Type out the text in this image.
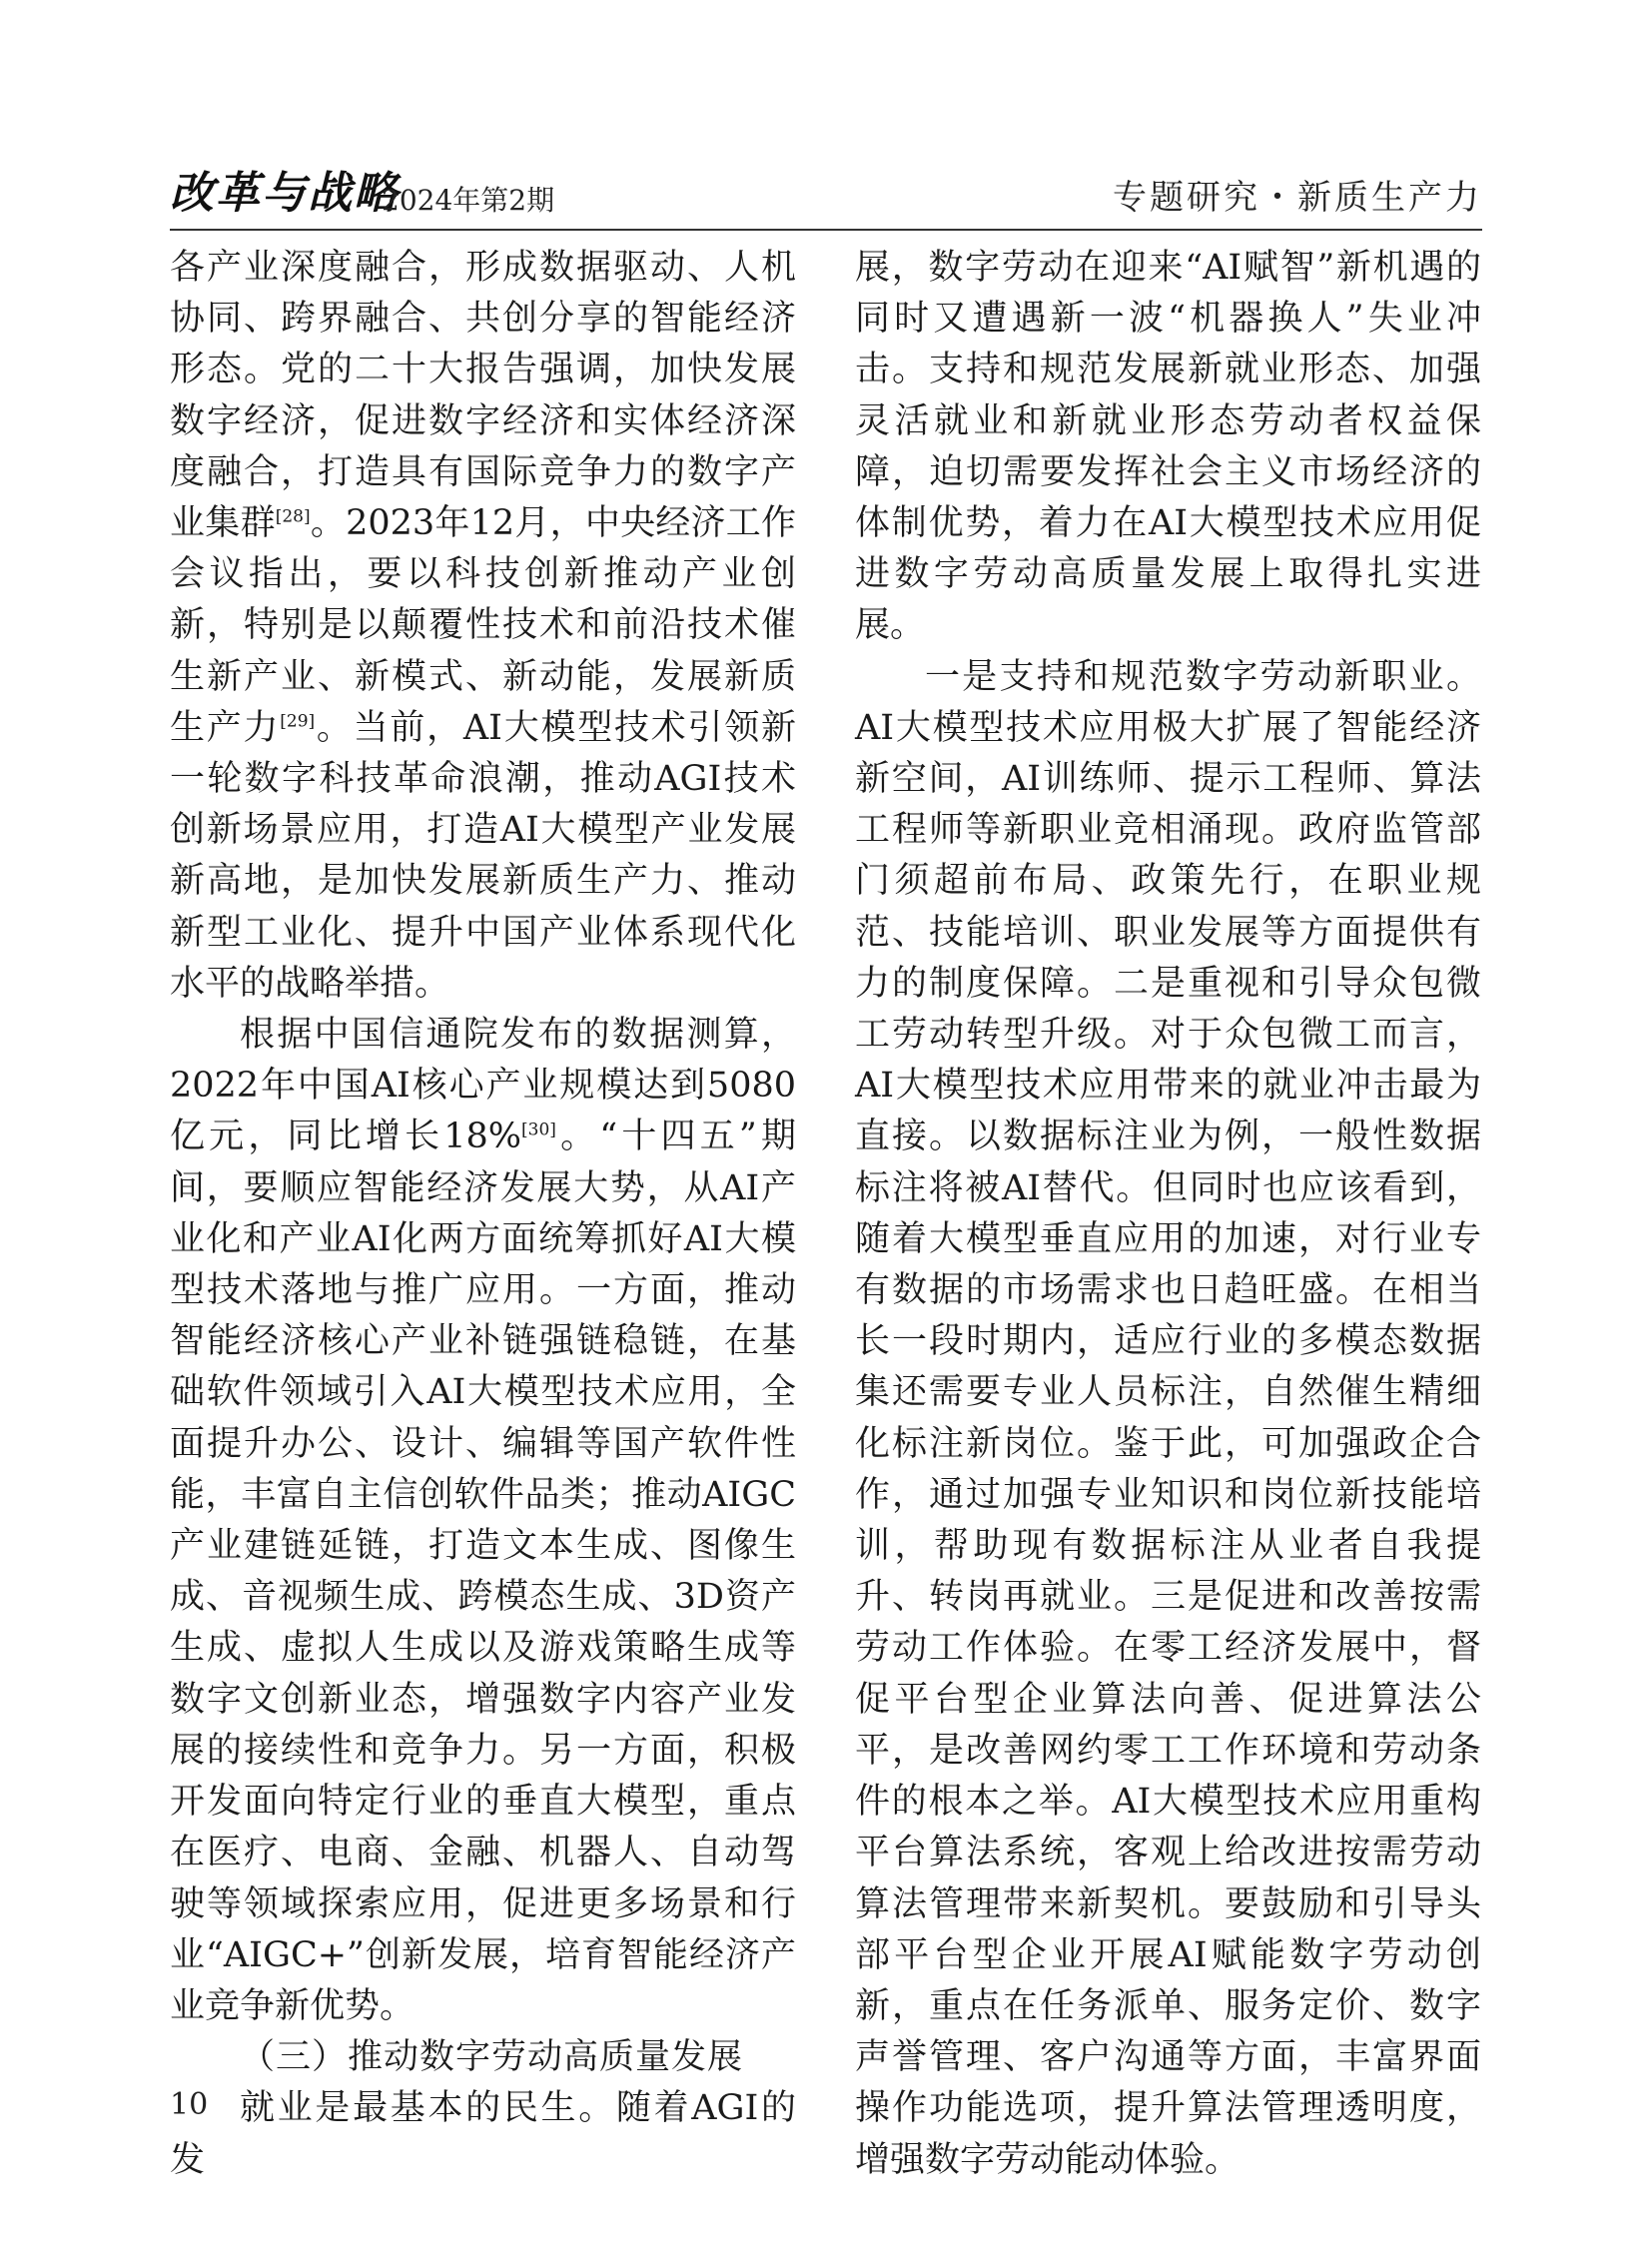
改革与战略
2024年第2期	专题研究・新质生产力

各产业深度融合，形成数据驱动、人机协同、跨界融合、共创分享的智能经济形态。党的二十大报告强调，加快发展数字经济，促进数字经济和实体经济深度融合，打造具有国际竞争力的数字产业集群[28]。2023年12月，中央经济工作会议指出，要以科技创新推动产业创新，特别是以颠覆性技术和前沿技术催生新产业、新模式、新动能，发展新质生产力[29]。当前，AI大模型技术引领新一轮数字科技革命浪潮，推动AGI技术创新场景应用，打造AI大模型产业发展新高地，是加快发展新质生产力、推动新型工业化、提升中国产业体系现代化水平的战略举措。

根据中国信通院发布的数据测算，2022年中国AI核心产业规模达到5080亿元，同比增长18%[30]。“十四五”期间，要顺应智能经济发展大势，从AI产业化和产业AI化两方面统筹抓好AI大模型技术落地与推广应用。一方面，推动智能经济核心产业补链强链稳链，在基础软件领域引入AI大模型技术应用，全面提升办公、设计、编辑等国产软件性能，丰富自主信创软件品类；推动AIGC产业建链延链，打造文本生成、图像生成、音视频生成、跨模态生成、3D资产生成、虚拟人生成以及游戏策略生成等数字文创新业态，增强数字内容产业发展的接续性和竞争力。另一方面，积极开发面向特定行业的垂直大模型，重点在医疗、电商、金融、机器人、自动驾驶等领域探索应用，促进更多场景和行业“AIGC+”创新发展，培育智能经济产业竞争新优势。

（三）推动数字劳动高质量发展

就业是最基本的民生。随着AGI的发

展，数字劳动在迎来“AI赋智”新机遇的同时又遭遇新一波“机器换人”失业冲击。支持和规范发展新就业形态、加强灵活就业和新就业形态劳动者权益保障，迫切需要发挥社会主义市场经济的体制优势，着力在AI大模型技术应用促进数字劳动高质量发展上取得扎实进展。

一是支持和规范数字劳动新职业。AI大模型技术应用极大扩展了智能经济新空间，AI训练师、提示工程师、算法工程师等新职业竞相涌现。政府监管部门须超前布局、政策先行，在职业规范、技能培训、职业发展等方面提供有力的制度保障。二是重视和引导众包微工劳动转型升级。对于众包微工而言，AI大模型技术应用带来的就业冲击最为直接。以数据标注业为例，一般性数据标注将被AI替代。但同时也应该看到，随着大模型垂直应用的加速，对行业专有数据的市场需求也日趋旺盛。在相当长一段时期内，适应行业的多模态数据集还需要专业人员标注，自然催生精细化标注新岗位。鉴于此，可加强政企合作，通过加强专业知识和岗位新技能培训，帮助现有数据标注从业者自我提升、转岗再就业。三是促进和改善按需劳动工作体验。在零工经济发展中，督促平台型企业算法向善、促进算法公平，是改善网约零工工作环境和劳动条件的根本之举。AI大模型技术应用重构平台算法系统，客观上给改进按需劳动算法管理带来新契机。要鼓励和引导头部平台型企业开展AI赋能数字劳动创新，重点在任务派单、服务定价、数字声誉管理、客户沟通等方面，丰富界面操作功能选项，提升算法管理透明度，增强数字劳动能动体验。

10
